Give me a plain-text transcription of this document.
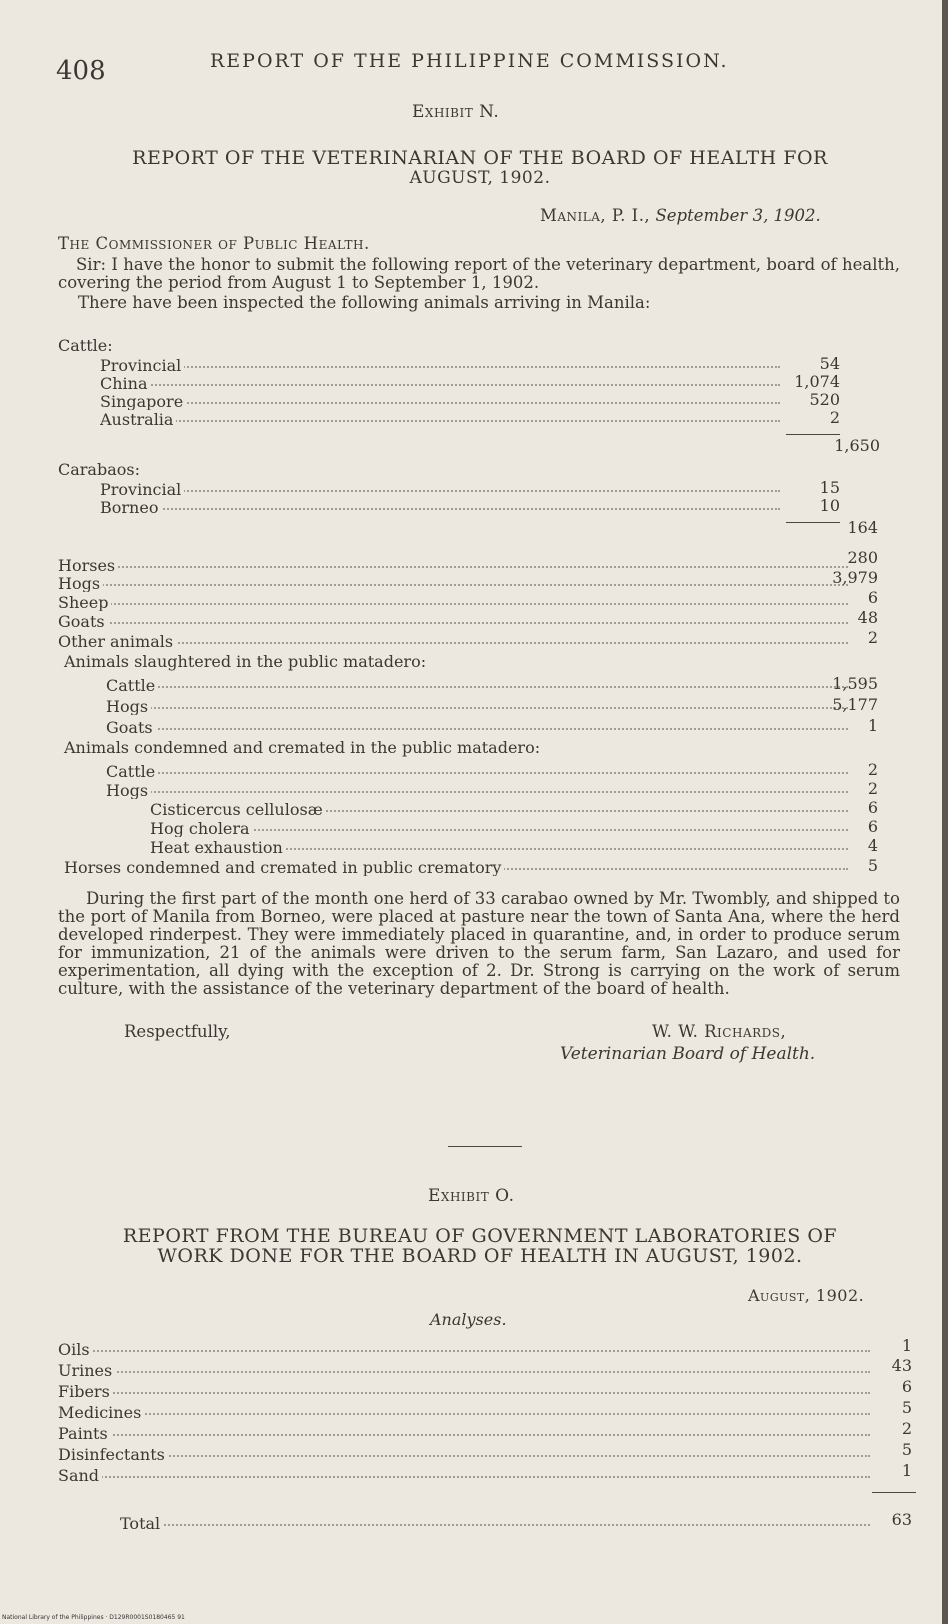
408	REPORT OF THE PHILIPPINE COMMISSION.
Exhibit N.
REPORT OF THE VETERINARIAN OF THE BOARD OF HEALTH FOR
AUGUST, 1902.
Manila, P. I., September 3, 1902.
The Commissioner of Public Health.
Sir: I have the honor to submit the following report of the veterinary department, board of health, covering the period from August 1 to September 1, 1902.
There have been inspected the following animals arriving in Manila:
Cattle:
Provincial	54
China	1,074
Singapore	520
Australia	2
1,650
Carabaos:
Provincial	15
Borneo	10
164
Horses	280
Hogs	3,979
Sheep	6
Goats	48
Other animals	2
Animals slaughtered in the public matadero:
Cattle	1,595
Hogs	5,177
Goats	1
Animals condemned and cremated in the public matadero:
Cattle	2
Hogs	2
Cisticercus cellulosæ	6
Hog cholera	6
Heat exhaustion	4
Horses condemned and cremated in public crematory	5
During the first part of the month one herd of 33 carabao owned by Mr. Twombly, and shipped to the port of Manila from Borneo, were placed at pasture near the town of Santa Ana, where the herd developed rinderpest. They were immediately placed in quarantine, and, in order to produce serum for immunization, 21 of the animals were driven to the serum farm, San Lazaro, and used for experimentation, all dying with the exception of 2. Dr. Strong is carrying on the work of serum culture, with the assistance of the veterinary department of the board of health.
Respectfully,	W. W. Richards,
Veterinarian Board of Health.
Exhibit O.
REPORT FROM THE BUREAU OF GOVERNMENT LABORATORIES OF
WORK DONE FOR THE BOARD OF HEALTH IN AUGUST, 1902.
August, 1902.
Analyses.
Oils	1
Urines	43
Fibers	6
Medicines	5
Paints	2
Disinfectants	5
Sand	1
Total	63
National Library of the Philippines · D129R0001S0180465 91
